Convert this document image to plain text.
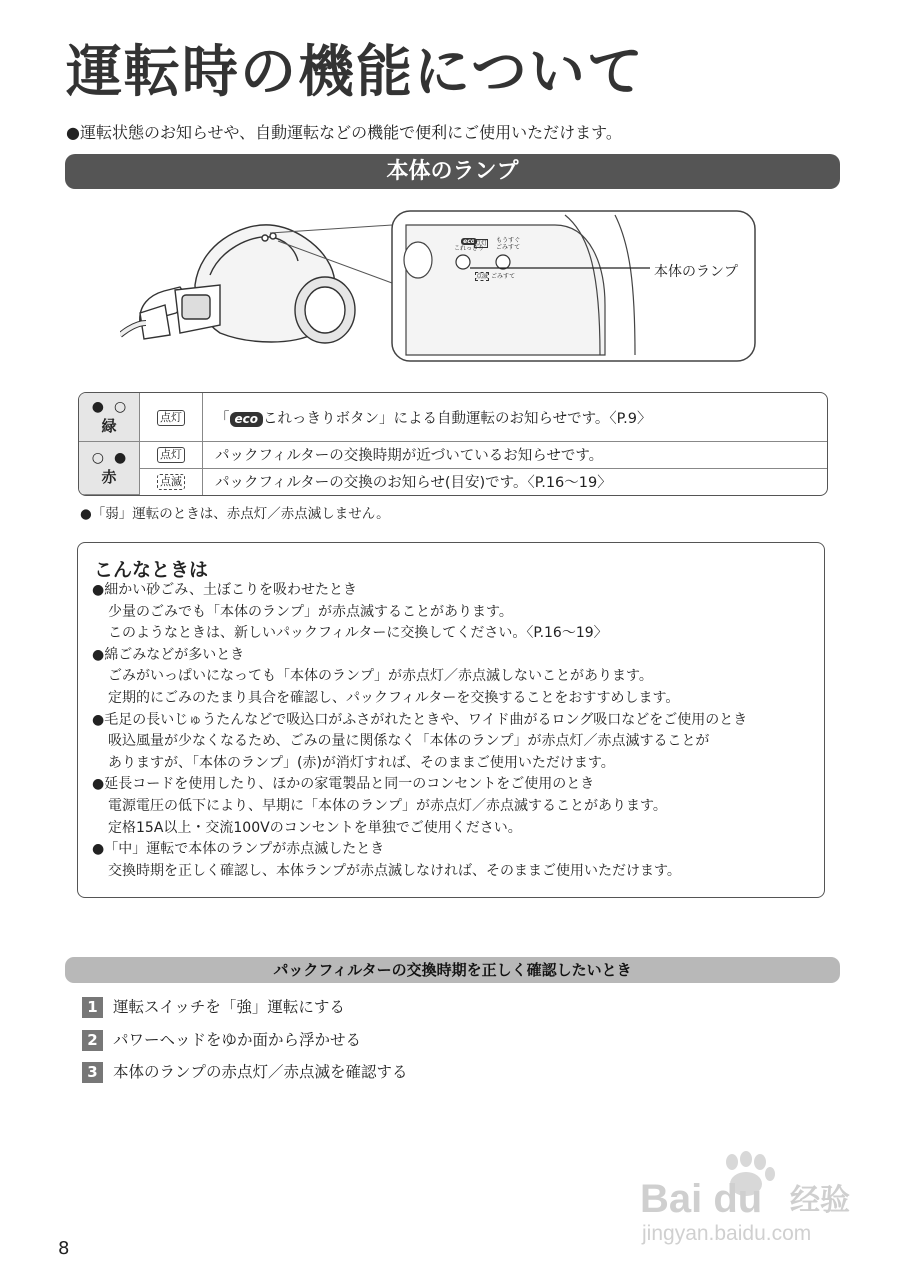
運転時の機能について
●運転状態のお知らせや、自動運転などの機能で便利にご使用いただけます。
本体のランプ
eco
これっきり
点灯 もうすぐ
ごみすて
点滅 ごみすて	本体のランプ
●○
緑	点灯	「 eco これっきりボタン」による自動運転のお知らせです。〈P.9〉

○●
赤	点灯	パックフィルターの交換時期が近づいているお知らせです。
	点滅	パックフィルターの交換のお知らせ(目安)です。〈P.16～19〉
●「弱」運転のときは、赤点灯／赤点滅しません。
こんなときは
●細かい砂ごみ、土ぼこりを吸わせたとき
少量のごみでも「本体のランプ」が赤点滅することがあります。
このようなときは、新しいパックフィルターに交換してください。〈P.16～19〉
●綿ごみなどが多いとき
ごみがいっぱいになっても「本体のランプ」が赤点灯／赤点滅しないことがあります。
定期的にごみのたまり具合を確認し、パックフィルターを交換することをおすすめします。
●毛足の長いじゅうたんなどで吸込口がふさがれたときや、ワイド曲がるロング吸口などをご使用のとき
吸込風量が少なくなるため、ごみの量に関係なく「本体のランプ」が赤点灯／赤点滅することが
ありますが、「本体のランプ」(赤)が消灯すれば、そのままご使用いただけます。
●延長コードを使用したり、ほかの家電製品と同一のコンセントをご使用のとき
電源電圧の低下により、早期に「本体のランプ」が赤点灯／赤点滅することがあります。
定格15A以上・交流100Vのコンセントを単独でご使用ください。
●「中」運転で本体のランプが赤点滅したとき
交換時期を正しく確認し、本体ランプが赤点滅しなければ、そのままご使用いただけます。
パックフィルターの交換時期を正しく確認したいとき
1 運転スイッチを「強」運転にする
2 パワーヘッドをゆか面から浮かせる
3 本体のランプの赤点灯／赤点滅を確認する
Bai du 经验
jingyan.baidu.com
8
